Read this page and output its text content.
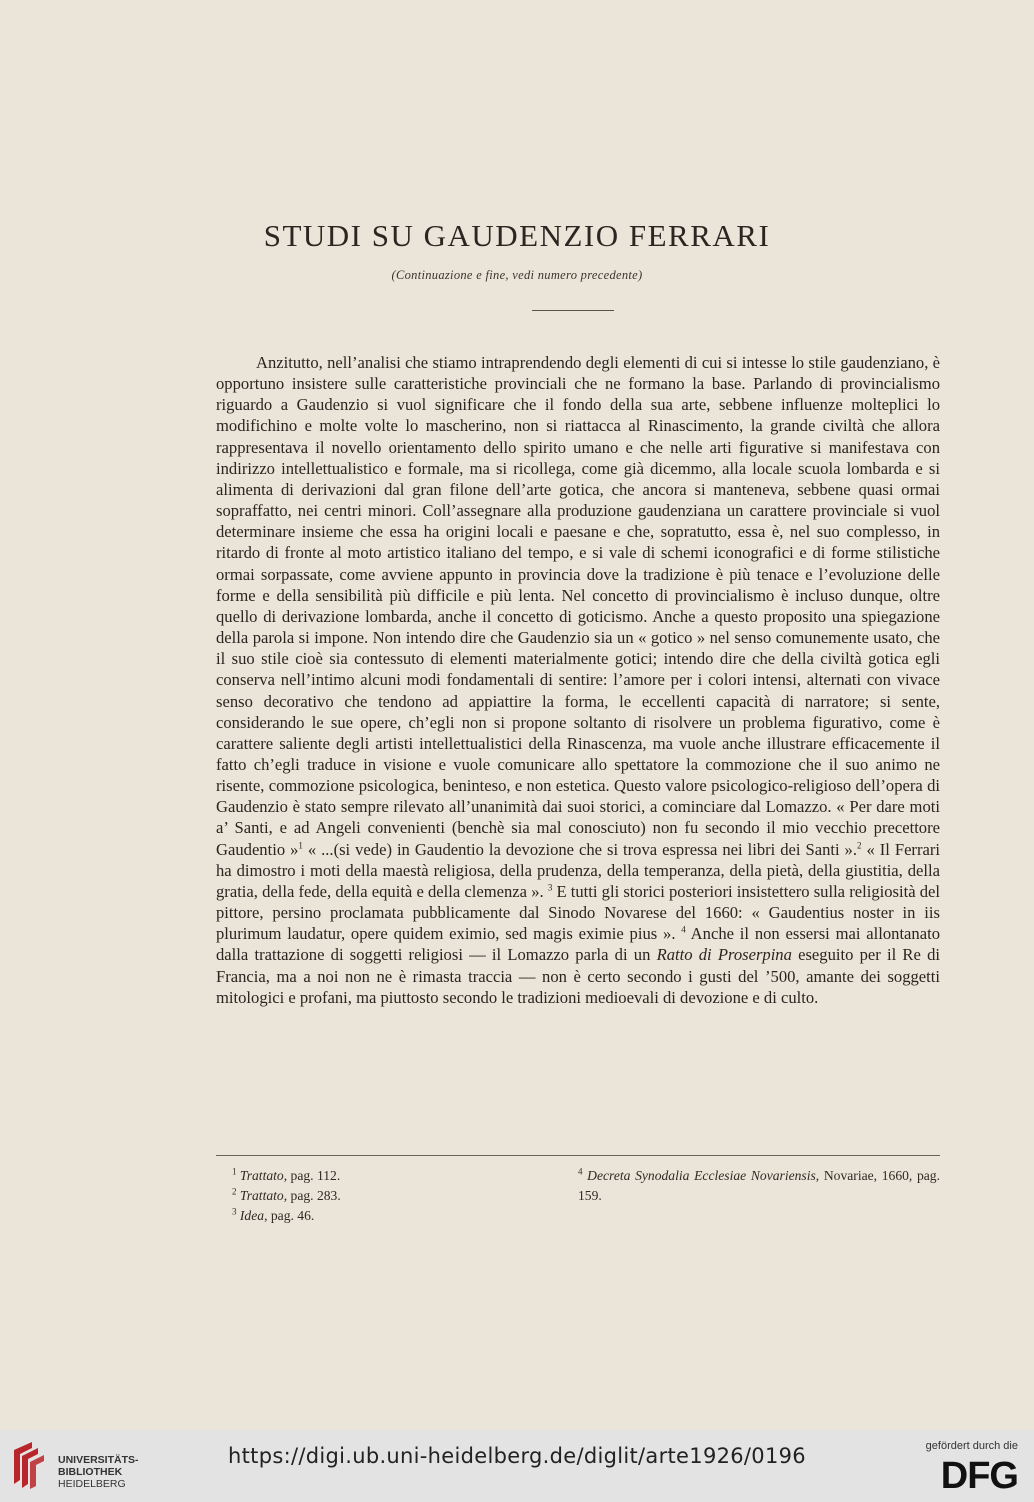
STUDI SU GAUDENZIO FERRARI
(Continuazione e fine, vedi numero precedente)

Anzitutto, nell’analisi che stiamo intraprendendo degli elementi di cui si intesse lo stile gaudenziano, è opportuno insistere sulle caratteristiche provinciali che ne formano la base. Parlando di provincialismo riguardo a Gaudenzio si vuol significare che il fondo della sua arte, sebbene influenze molteplici lo modifichino e molte volte lo mascherino, non si riattacca al Rinascimento, la grande civiltà che allora rappresentava il novello orientamento dello spirito umano e che nelle arti figurative si manifestava con indirizzo intellettualistico e formale, ma si ricollega, come già dicemmo, alla locale scuola lombarda e si alimenta di derivazioni dal gran filone dell’arte gotica, che ancora si manteneva, sebbene quasi ormai sopraffatto, nei centri minori. Coll’assegnare alla produzione gaudenziana un carattere provinciale si vuol determinare insieme che essa ha origini locali e paesane e che, sopratutto, essa è, nel suo complesso, in ritardo di fronte al moto artistico italiano del tempo, e si vale di schemi iconografici e di forme stilistiche ormai sorpassate, come avviene appunto in provincia dove la tradizione è più tenace e l’evoluzione delle forme e della sensibilità più difficile e più lenta. Nel concetto di provincialismo è incluso dunque, oltre quello di derivazione lombarda, anche il concetto di goticismo. Anche a questo proposito una spiegazione della parola si impone. Non intendo dire che Gaudenzio sia un « gotico » nel senso comunemente usato, che il suo stile cioè sia contessuto di elementi materialmente gotici; intendo dire che della civiltà gotica egli conserva nell’intimo alcuni modi fondamentali di sentire: l’amore per i colori intensi, alternati con vivace senso decorativo che tendono ad appiattire la forma, le eccellenti capacità di narratore; si sente, considerando le sue opere, ch’egli non si propone soltanto di risolvere un problema figurativo, come è carattere saliente degli artisti intellettualistici della Rinascenza, ma vuole anche illustrare efficacemente il fatto ch’egli traduce in visione e vuole comunicare allo spettatore la commozione che il suo animo ne risente, commozione psicologica, beninteso, e non estetica. Questo valore psicologico-religioso dell’opera di Gaudenzio è stato sempre rilevato all’unanimità dai suoi storici, a cominciare dal Lomazzo. « Per dare moti a’ Santi, e ad Angeli convenienti (benchè sia mal conosciuto) non fu secondo il mio vecchio precettore Gaudentio »$^1$ « ...(si vede) in Gaudentio la devozione che si trova espressa nei libri dei Santi ».$^2$ « Il Ferrari ha dimostro i moti della maestà religiosa, della prudenza, della temperanza, della pietà, della giustitia, della gratia, della fede, della equità e della clemenza ». $^3$ E tutti gli storici posteriori insistettero sulla religiosità del pittore, persino proclamata pubblicamente dal Sinodo Novarese del 1660: « Gaudentius noster in iis plurimum laudatur, opere quidem eximio, sed magis eximie pius ». $^4$ Anche il non essersi mai allontanato dalla trattazione di soggetti religiosi — il Lomazzo parla di un Ratto di Proserpina eseguito per il Re di Francia, ma a noi non ne è rimasta traccia — non è certo secondo i gusti del ’500, amante dei soggetti mitologici e profani, ma piuttosto secondo le tradizioni medioevali di devozione e di culto.

$^1$ Trattato, pag. 112.
$^2$ Trattato, pag. 283.
$^3$ Idea, pag. 46.
$^4$ Decreta Synodalia Ecclesiae Novariensis, Novariae, 1660, pag. 159.
UNIVERSITÄTS-
BIBLIOTHEK
HEIDELBERG
https://digi.ub.uni-heidelberg.de/diglit/arte1926/0196	gefördert durch die
DFG
